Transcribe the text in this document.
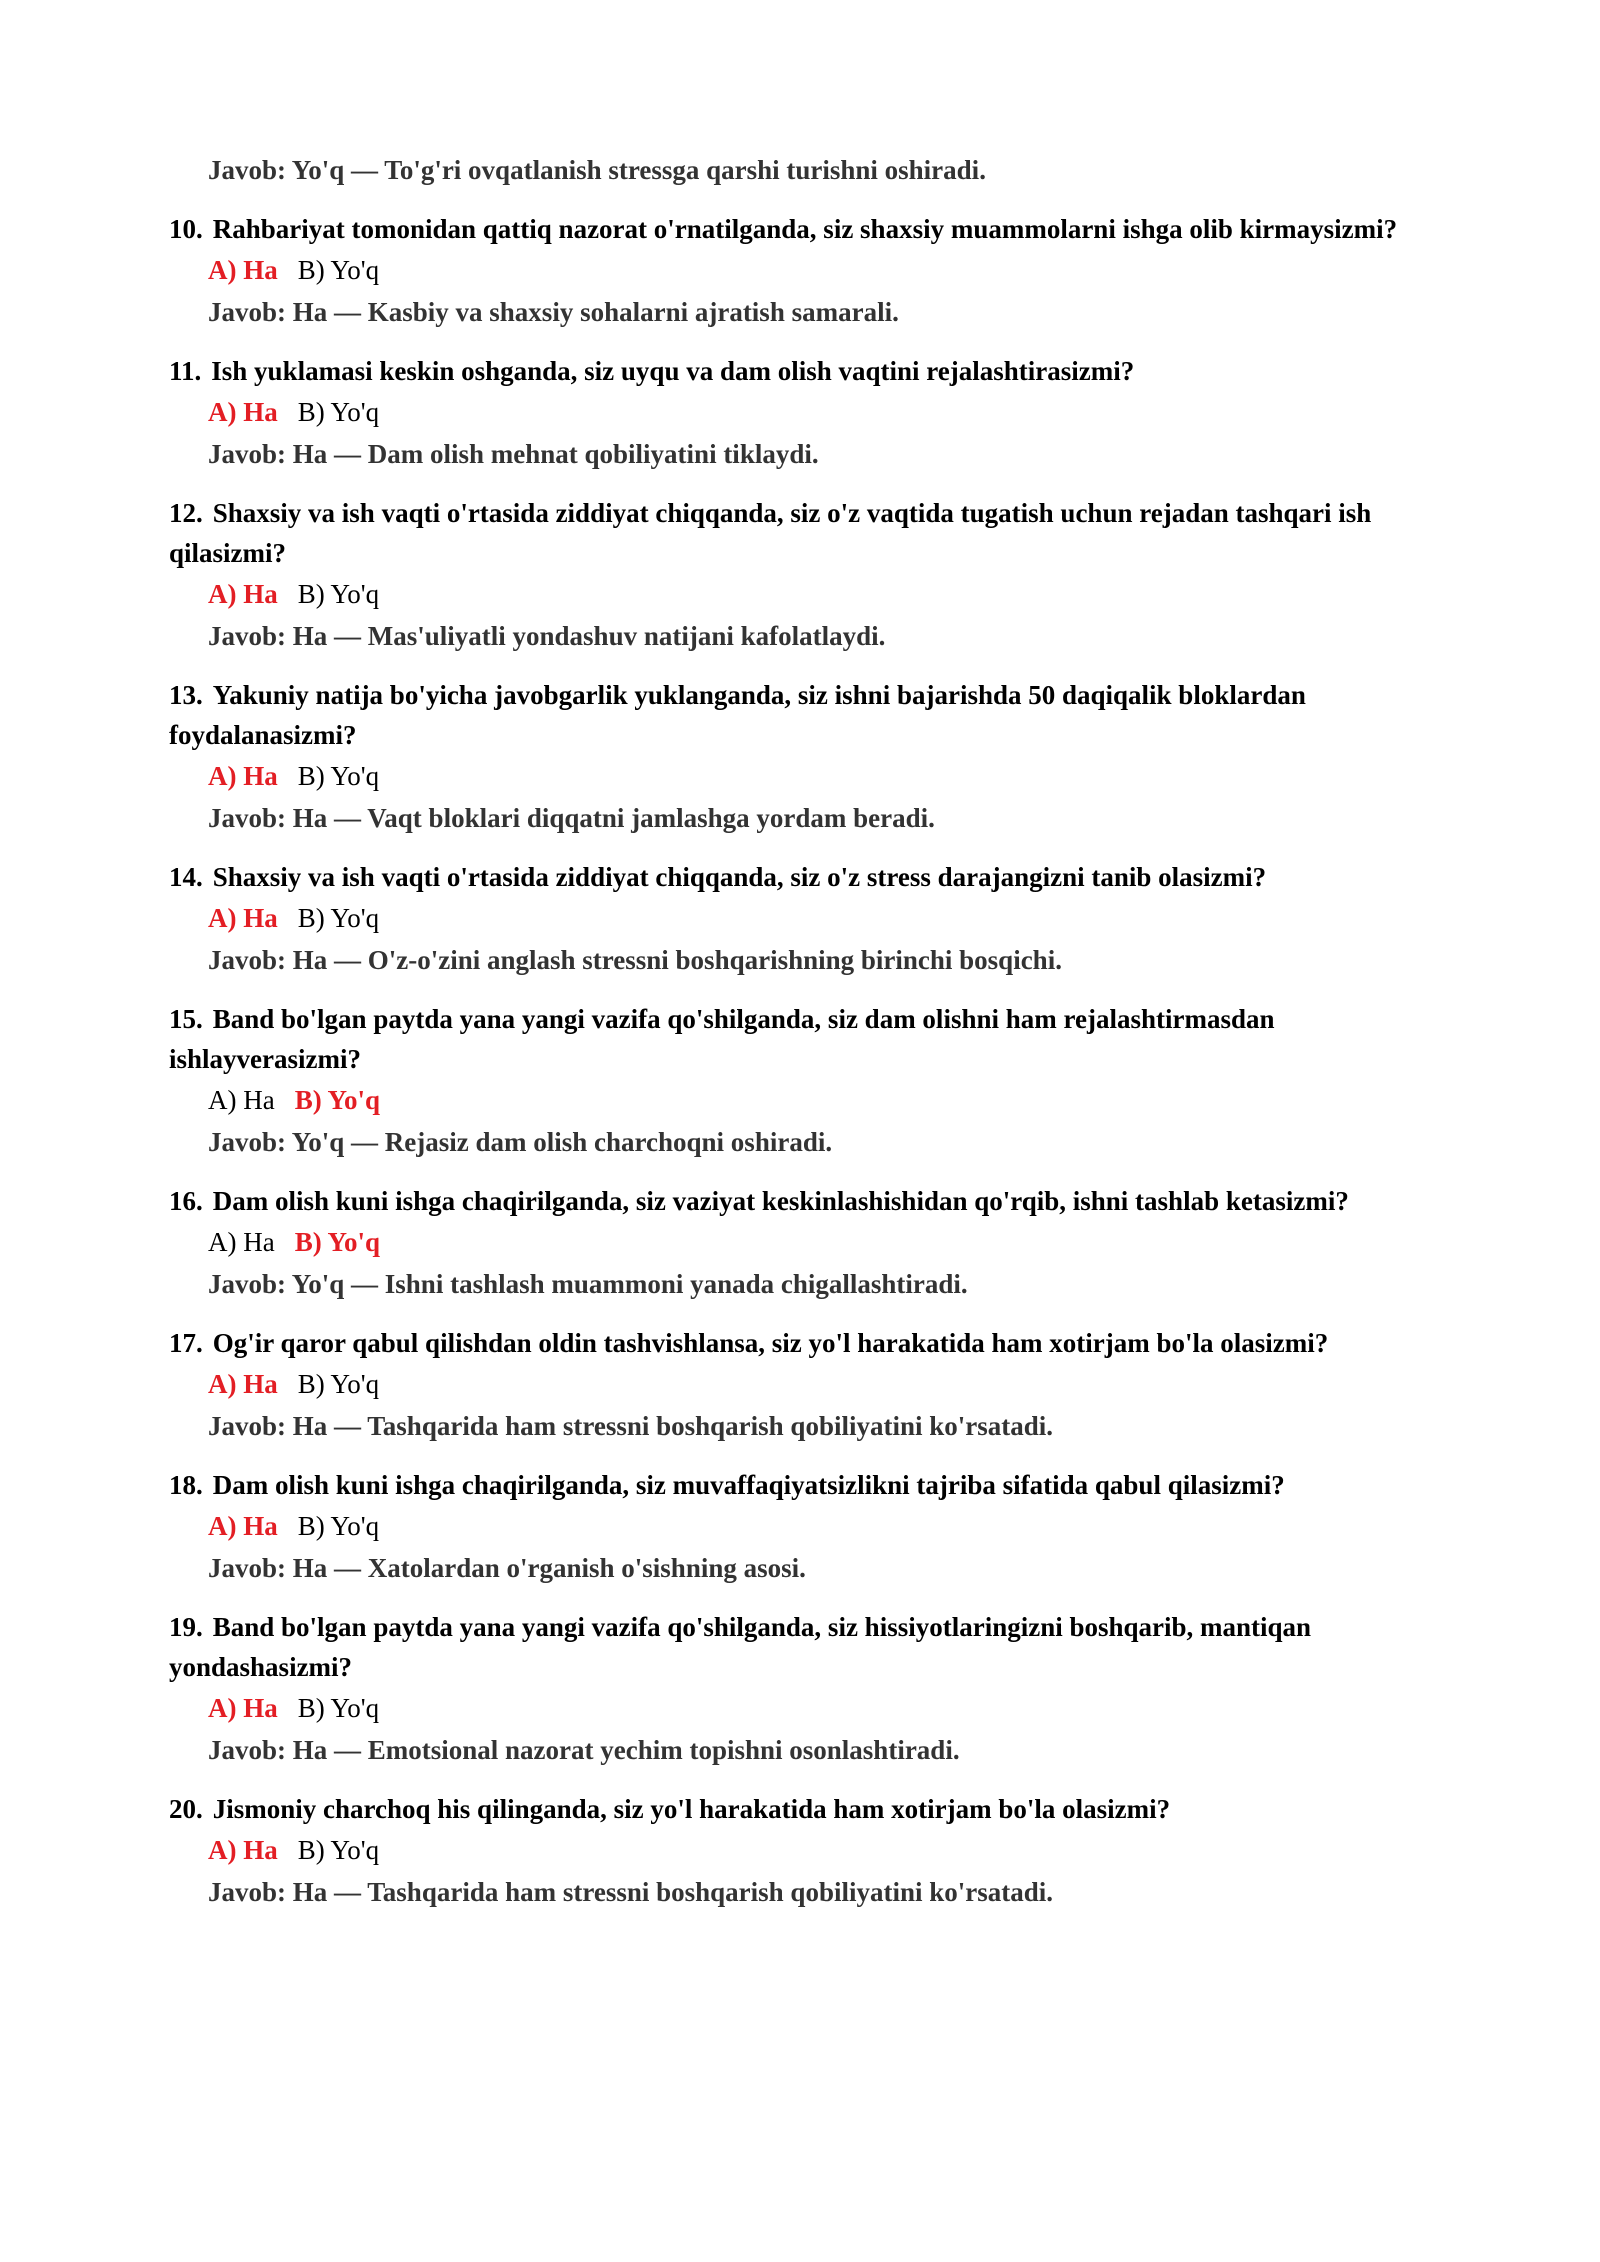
Javob: Yo'q — To'g'ri ovqatlanish stressga qarshi turishni oshiradi.
10. Rahbariyat tomonidan qattiq nazorat o'rnatilganda, siz shaxsiy muammolarni ishga olib kirmaysizmi?
A) Ha B) Yo'q
Javob: Ha — Kasbiy va shaxsiy sohalarni ajratish samarali.
11. Ish yuklamasi keskin oshganda, siz uyqu va dam olish vaqtini rejalashtirasizmi?
A) Ha B) Yo'q
Javob: Ha — Dam olish mehnat qobiliyatini tiklaydi.
12. Shaxsiy va ish vaqti o'rtasida ziddiyat chiqqanda, siz o'z vaqtida tugatish uchun rejadan tashqari ish qilasizmi?
A) Ha B) Yo'q
Javob: Ha — Mas'uliyatli yondashuv natijani kafolatlaydi.
13. Yakuniy natija bo'yicha javobgarlik yuklanganda, siz ishni bajarishda 50 daqiqalik bloklardan foydalanasizmi?
A) Ha B) Yo'q
Javob: Ha — Vaqt bloklari diqqatni jamlashga yordam beradi.
14. Shaxsiy va ish vaqti o'rtasida ziddiyat chiqqanda, siz o'z stress darajangizni tanib olasizmi?
A) Ha B) Yo'q
Javob: Ha — O'z-o'zini anglash stressni boshqarishning birinchi bosqichi.
15. Band bo'lgan paytda yana yangi vazifa qo'shilganda, siz dam olishni ham rejalashtirmasdan ishlayverasizmi?
A) Ha B) Yo'q
Javob: Yo'q — Rejasiz dam olish charchoqni oshiradi.
16. Dam olish kuni ishga chaqirilganda, siz vaziyat keskinlashishidan qo'rqib, ishni tashlab ketasizmi?
A) Ha B) Yo'q
Javob: Yo'q — Ishni tashlash muammoni yanada chigallashtiradi.
17. Og'ir qaror qabul qilishdan oldin tashvishlansa, siz yo'l harakatida ham xotirjam bo'la olasizmi?
A) Ha B) Yo'q
Javob: Ha — Tashqarida ham stressni boshqarish qobiliyatini ko'rsatadi.
18. Dam olish kuni ishga chaqirilganda, siz muvaffaqiyatsizlikni tajriba sifatida qabul qilasizmi?
A) Ha B) Yo'q
Javob: Ha — Xatolardan o'rganish o'sishning asosi.
19. Band bo'lgan paytda yana yangi vazifa qo'shilganda, siz hissiyotlaringizni boshqarib, mantiqan yondashasizmi?
A) Ha B) Yo'q
Javob: Ha — Emotsional nazorat yechim topishni osonlashtiradi.
20. Jismoniy charchoq his qilinganda, siz yo'l harakatida ham xotirjam bo'la olasizmi?
A) Ha B) Yo'q
Javob: Ha — Tashqarida ham stressni boshqarish qobiliyatini ko'rsatadi.
